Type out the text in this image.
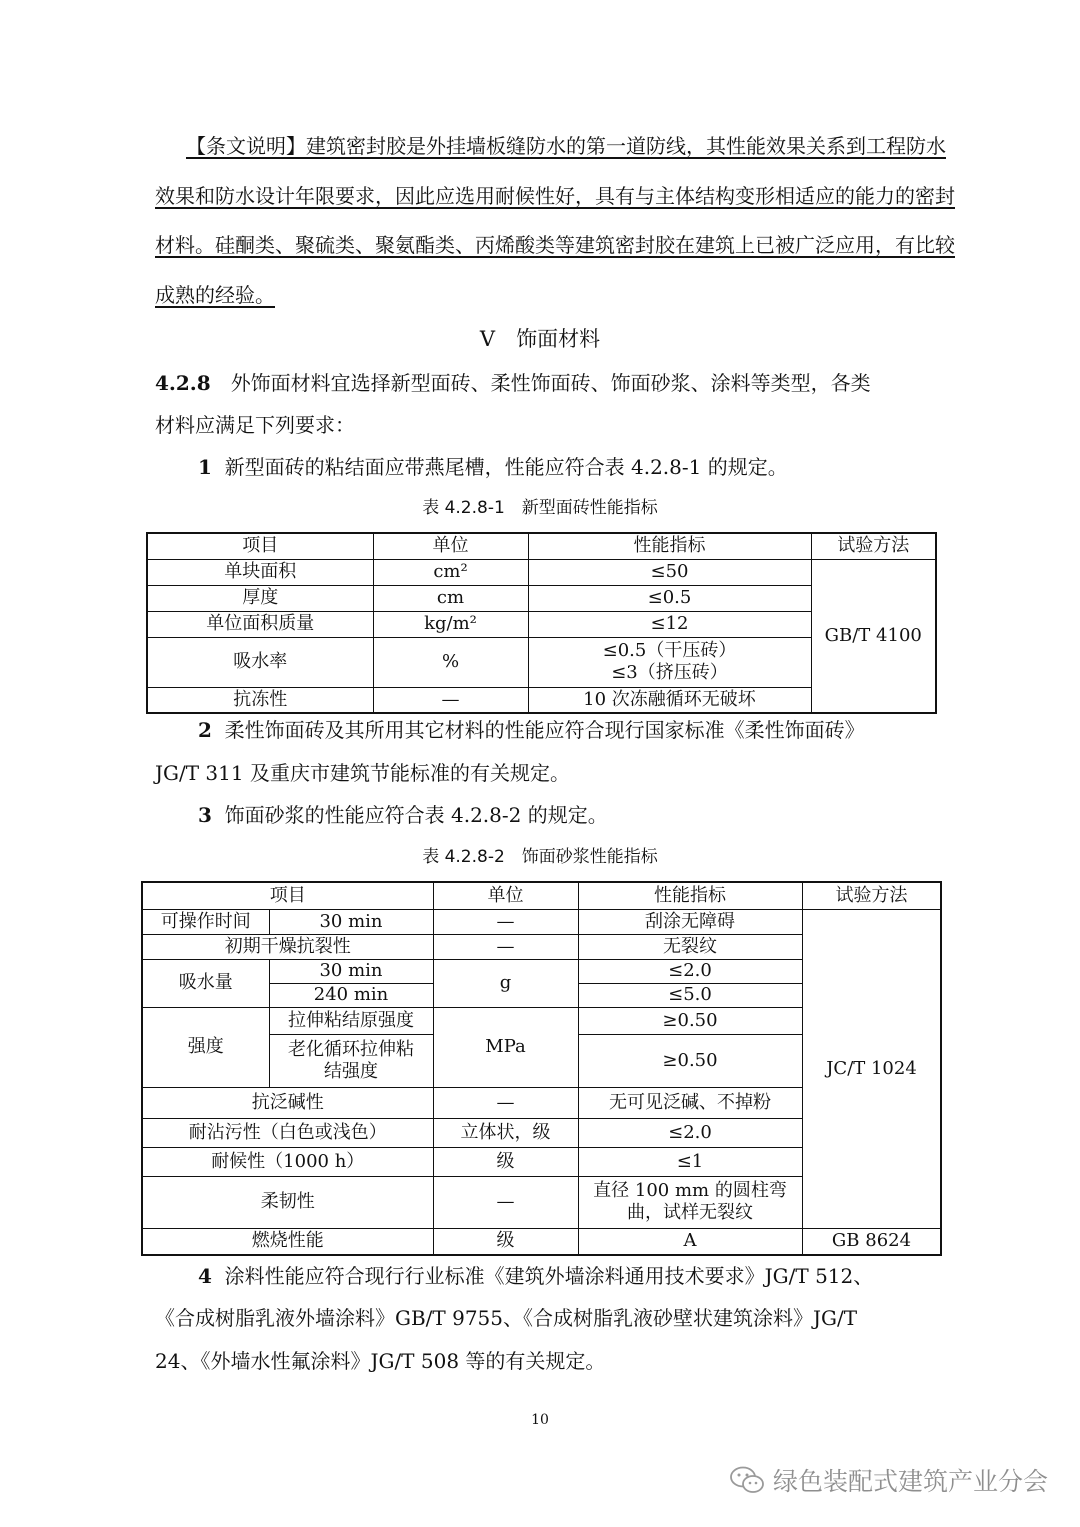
【条文说明】建筑密封胶是外挂墙板缝防水的第一道防线，其性能效果关系到工程防水
效果和防水设计年限要求，因此应选用耐候性好，具有与主体结构变形相适应的能力的密封
材料。硅酮类、聚硫类、聚氨酯类、丙烯酸类等建筑密封胶在建筑上已被广泛应用，有比较
成熟的经验。
V　饰面材料
4.2.8　 外饰面材料宜选择新型面砖、柔性饰面砖、饰面砂浆、涂料等类型，各类
材料应满足下列要求：
1 新型面砖的粘结面应带燕尾槽，性能应符合表 4.2.8-1 的规定。
表 4.2.8-1　新型面砖性能指标
项目	单位	性能指标	试验方法
单块面积	cm²	≤50	GB/T 4100
厚度	cm	≤0.5	
单位面积质量	kg/m²	≤12	
吸水率	%	≤0.5（干压砖）
≤3（挤压砖）	

抗冻性	—	10 次冻融循环无破坏	
2 柔性饰面砖及其所用其它材料的性能应符合现行国家标准《柔性饰面砖》
JG/T 311 及重庆市建筑节能标准的有关规定。
3 饰面砂浆的性能应符合表 4.2.8-2 的规定。
表 4.2.8-2　饰面砂浆性能指标
项目		单位	性能指标	试验方法	
可操作时间	30 min	—	刮涂无障碍	JC/T 1024	
初期干燥抗裂性		—	无裂纹		
吸水量	30 min	g	≤2.0		
	240 min		≤5.0		
强度	拉伸粘结原强度	MPa	≥0.50		

	老化循环拉伸粘
结强度		≥0.50		
抗泛碱性		—	无可见泛碱、不掉粉		
耐沾污性（白色或浅色）		立体状，级	≤2.0		
耐候性（1000 h）		级	≤1		
柔韧性		—	直径 100 mm 的圆柱弯
曲，试样无裂纹

燃烧性能		级	A	GB 8624	
4 涂料性能应符合现行行业标准《建筑外墙涂料通用技术要求》JG/T 512、
《合成树脂乳液外墙涂料》GB/T 9755、《合成树脂乳液砂壁状建筑涂料》JG/T
24、《外墙水性氟涂料》JG/T 508 等的有关规定。
10
绿色装配式建筑产业分会
